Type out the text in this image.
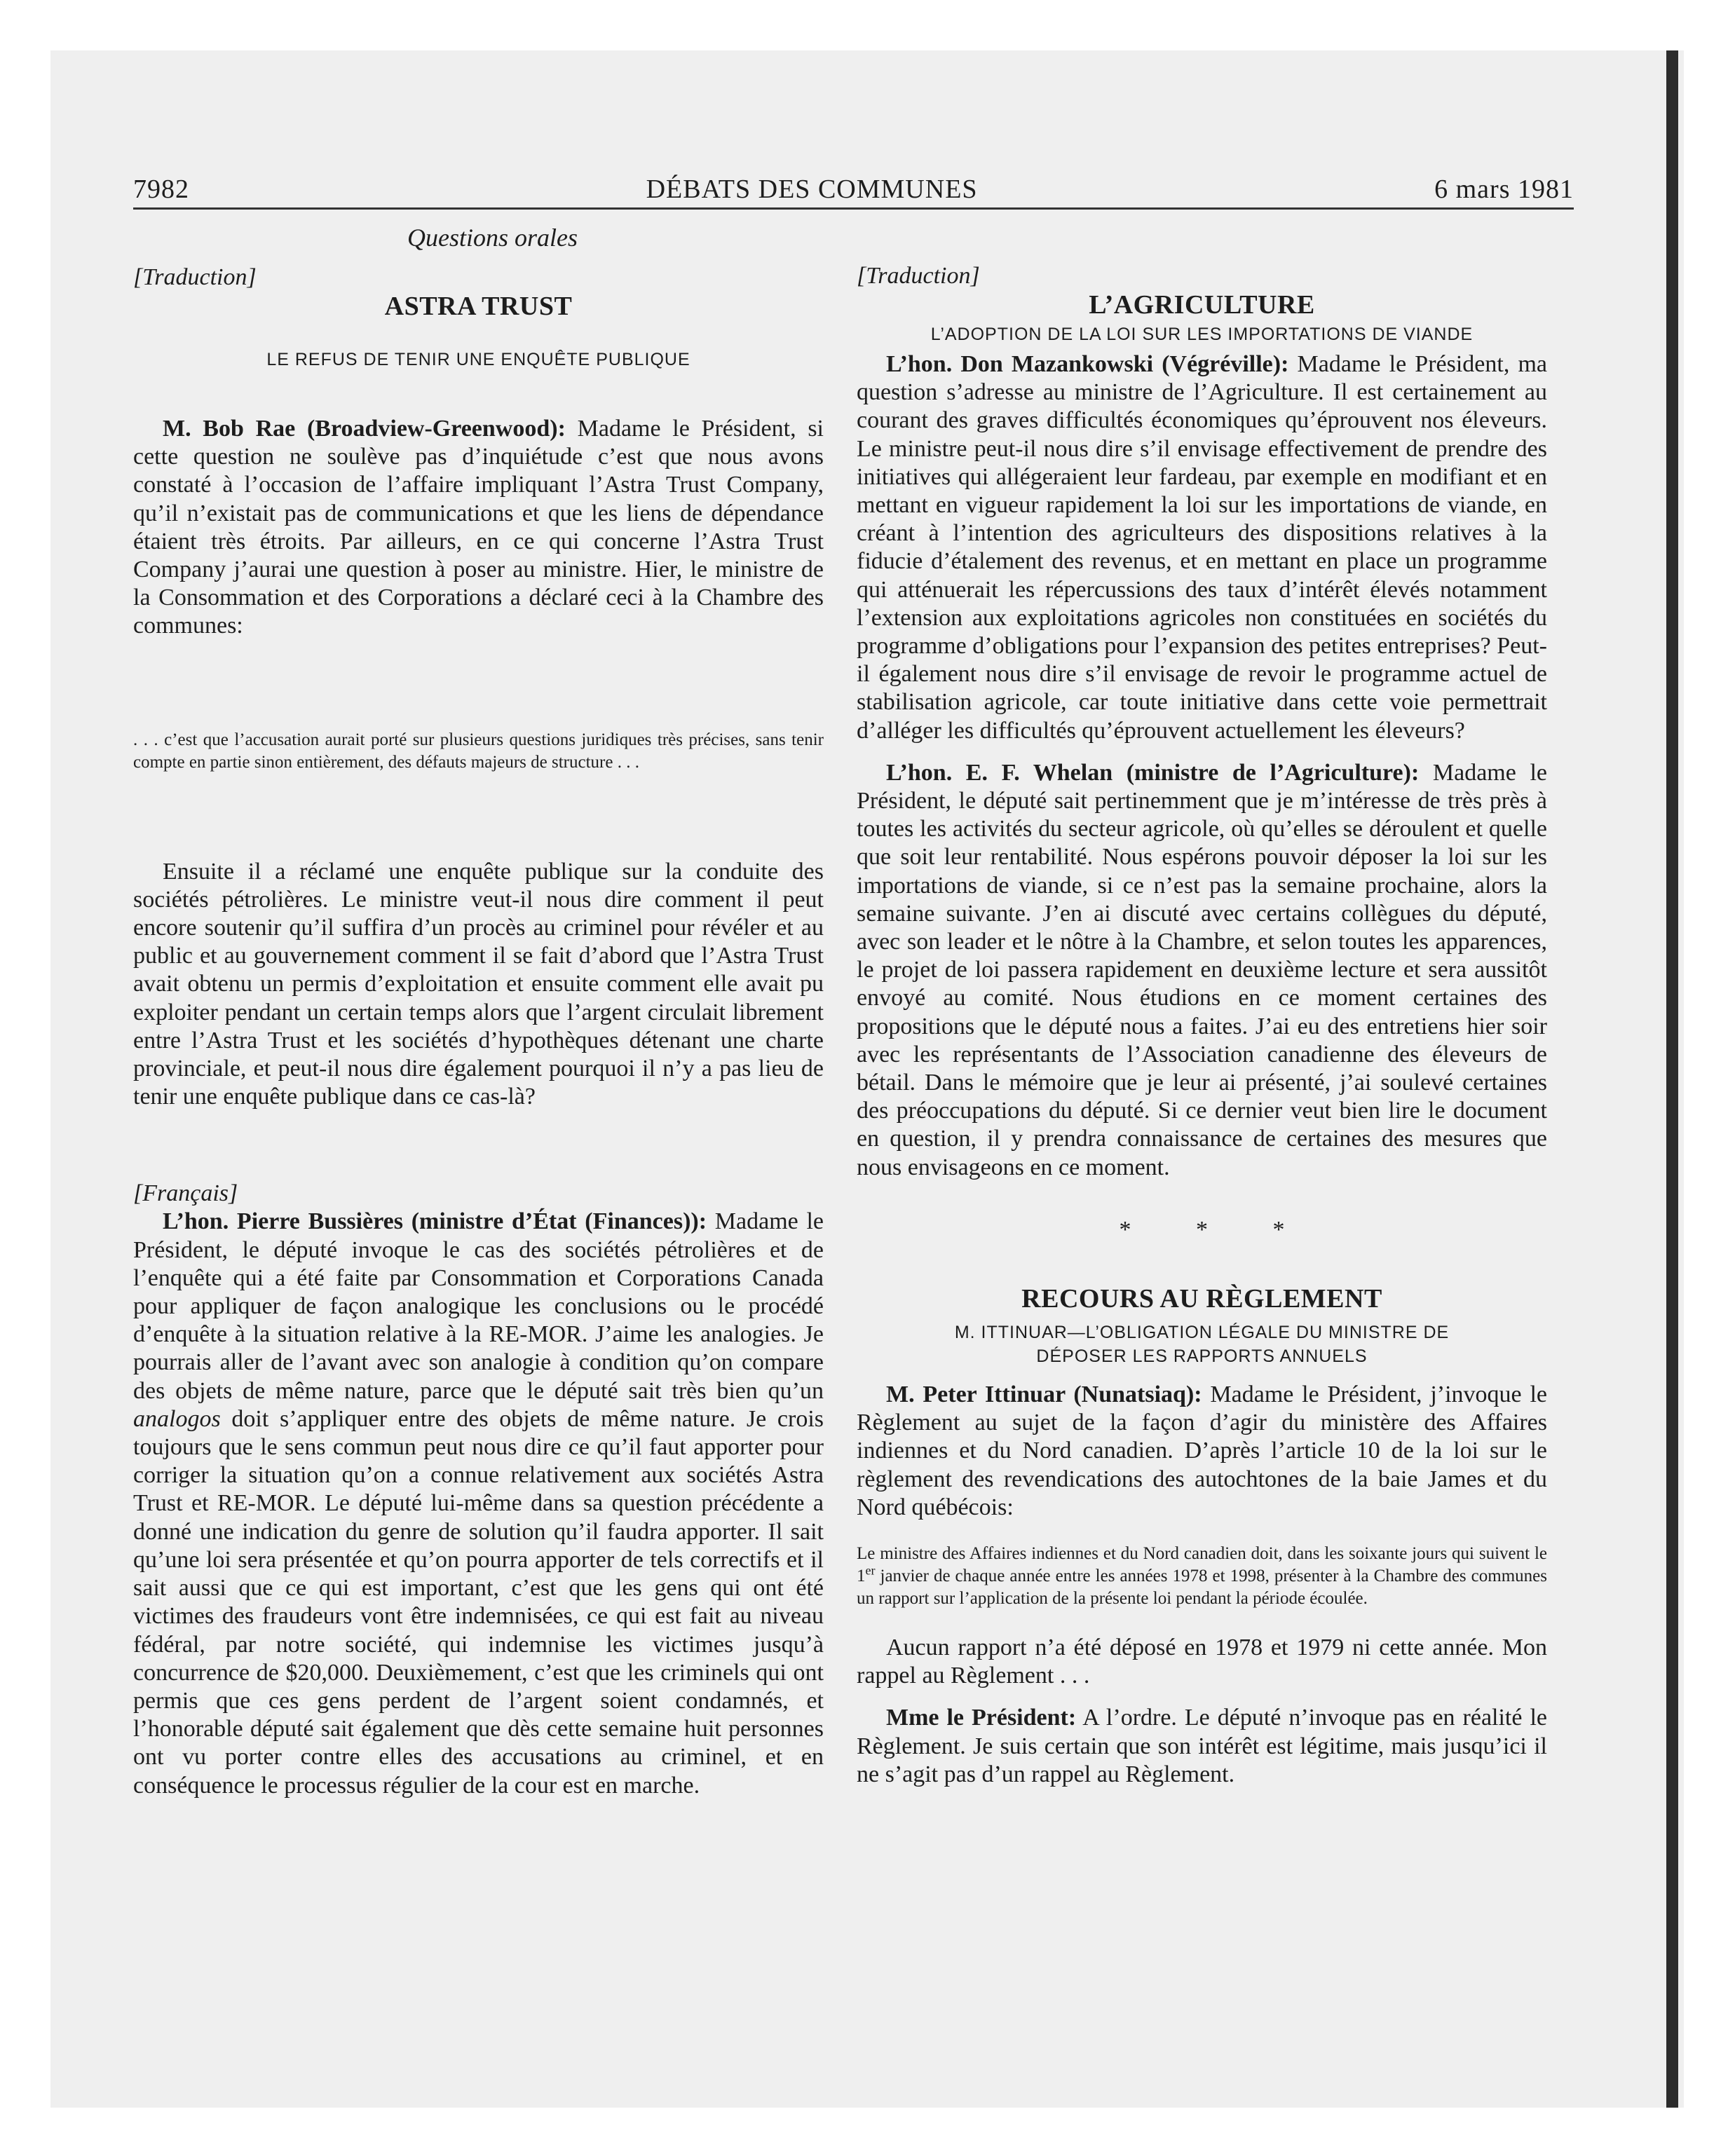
7982	DÉBATS DES COMMUNES	6 mars 1981
Questions orales
[Traduction]
ASTRA TRUST
LE REFUS DE TENIR UNE ENQUÊTE PUBLIQUE

M. Bob Rae (Broadview-Greenwood): Madame le Président, si cette question ne soulève pas d’inquiétude c’est que nous avons constaté à l’occasion de l’affaire impliquant l’Astra Trust Company, qu’il n’existait pas de communications et que les liens de dépendance étaient très étroits. Par ailleurs, en ce qui concerne l’Astra Trust Company j’aurai une question à poser au ministre. Hier, le ministre de la Consommation et des Corporations a déclaré ceci à la Chambre des communes:

. . . c’est que l’accusation aurait porté sur plusieurs questions juridiques très précises, sans tenir compte en partie sinon entièrement, des défauts majeurs de structure . . .

Ensuite il a réclamé une enquête publique sur la conduite des sociétés pétrolières. Le ministre veut-il nous dire comment il peut encore soutenir qu’il suffira d’un procès au criminel pour révéler et au public et au gouvernement comment il se fait d’abord que l’Astra Trust avait obtenu un permis d’exploitation et ensuite comment elle avait pu exploiter pendant un certain temps alors que l’argent circulait librement entre l’Astra Trust et les sociétés d’hypothèques détenant une charte provinciale, et peut-il nous dire également pourquoi il n’y a pas lieu de tenir une enquête publique dans ce cas-là?

[Français]

L’hon. Pierre Bussières (ministre d’État (Finances)): Madame le Président, le député invoque le cas des sociétés pétrolières et de l’enquête qui a été faite par Consommation et Corporations Canada pour appliquer de façon analogique les conclusions ou le procédé d’enquête à la situation relative à la RE-MOR. J’aime les analogies. Je pourrais aller de l’avant avec son analogie à condition qu’on compare des objets de même nature, parce que le député sait très bien qu’un analogos doit s’appliquer entre des objets de même nature. Je crois toujours que le sens commun peut nous dire ce qu’il faut apporter pour corriger la situation qu’on a connue relativement aux sociétés Astra Trust et RE-MOR. Le député lui-même dans sa question précédente a donné une indication du genre de solution qu’il faudra apporter. Il sait qu’une loi sera présentée et qu’on pourra apporter de tels correctifs et il sait aussi que ce qui est important, c’est que les gens qui ont été victimes des fraudeurs vont être indemnisées, ce qui est fait au niveau fédéral, par notre société, qui indemnise les victimes jusqu’à concurrence de $20,000. Deuxièmement, c’est que les criminels qui ont permis que ces gens perdent de l’argent soient condamnés, et l’honorable député sait également que dès cette semaine huit personnes ont vu porter contre elles des accusations au criminel, et en conséquence le processus régulier de la cour est en marche.

[Traduction]
L’AGRICULTURE
L’ADOPTION DE LA LOI SUR LES IMPORTATIONS DE VIANDE

L’hon. Don Mazankowski (Végréville): Madame le Président, ma question s’adresse au ministre de l’Agriculture. Il est certainement au courant des graves difficultés économiques qu’éprouvent nos éleveurs. Le ministre peut-il nous dire s’il envisage effectivement de prendre des initiatives qui allégeraient leur fardeau, par exemple en modifiant et en mettant en vigueur rapidement la loi sur les importations de viande, en créant à l’intention des agriculteurs des dispositions relatives à la fiducie d’étalement des revenus, et en mettant en place un programme qui atténuerait les répercussions des taux d’intérêt élevés notamment l’extension aux exploitations agricoles non constituées en sociétés du programme d’obligations pour l’expansion des petites entreprises? Peut-il également nous dire s’il envisage de revoir le programme actuel de stabilisation agricole, car toute initiative dans cette voie permettrait d’alléger les difficultés qu’éprouvent actuellement les éleveurs?

L’hon. E. F. Whelan (ministre de l’Agriculture): Madame le Président, le député sait pertinemment que je m’intéresse de très près à toutes les activités du secteur agricole, où qu’elles se déroulent et quelle que soit leur rentabilité. Nous espérons pouvoir déposer la loi sur les importations de viande, si ce n’est pas la semaine prochaine, alors la semaine suivante. J’en ai discuté avec certains collègues du député, avec son leader et le nôtre à la Chambre, et selon toutes les apparences, le projet de loi passera rapidement en deuxième lecture et sera aussitôt envoyé au comité. Nous étudions en ce moment certaines des propositions que le député nous a faites. J’ai eu des entretiens hier soir avec les représentants de l’Association canadienne des éleveurs de bétail. Dans le mémoire que je leur ai présenté, j’ai soulevé certaines des préoccupations du député. Si ce dernier veut bien lire le document en question, il y prendra connaissance de certaines des mesures que nous envisageons en ce moment.

* * *
RECOURS AU RÈGLEMENT
M. ITTINUAR—L’OBLIGATION LÉGALE DU MINISTRE DE
DÉPOSER LES RAPPORTS ANNUELS

M. Peter Ittinuar (Nunatsiaq): Madame le Président, j’invoque le Règlement au sujet de la façon d’agir du ministère des Affaires indiennes et du Nord canadien. D’après l’article 10 de la loi sur le règlement des revendications des autochtones de la baie James et du Nord québécois:

Le ministre des Affaires indiennes et du Nord canadien doit, dans les soixante jours qui suivent le 1er janvier de chaque année entre les années 1978 et 1998, présenter à la Chambre des communes un rapport sur l’application de la présente loi pendant la période écoulée.

Aucun rapport n’a été déposé en 1978 et 1979 ni cette année. Mon rappel au Règlement . . .

Mme le Président: A l’ordre. Le député n’invoque pas en réalité le Règlement. Je suis certain que son intérêt est légitime, mais jusqu’ici il ne s’agit pas d’un rappel au Règlement.
